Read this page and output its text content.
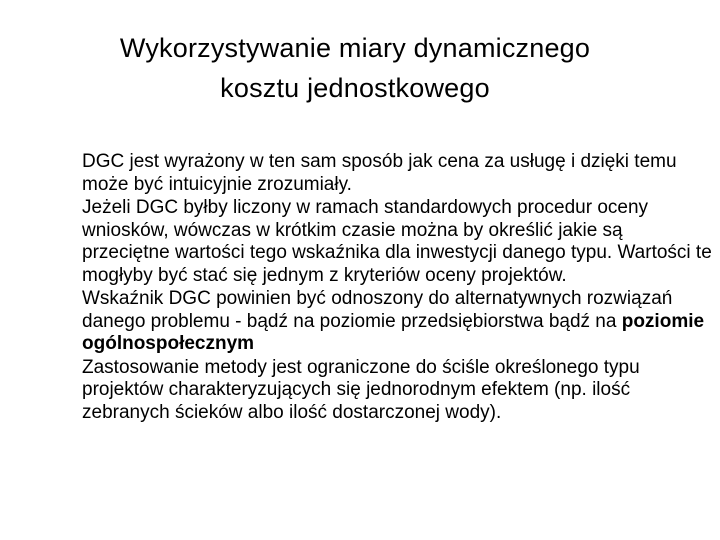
Wykorzystywanie miary dynamicznego
kosztu jednostkowego

DGC jest wyrażony w ten sam sposób jak cena za usługę i dzięki temu może być intuicyjnie zrozumiały.

Jeżeli DGC byłby liczony w ramach standardowych procedur oceny wniosków, wówczas w krótkim czasie można by określić jakie są przeciętne wartości tego wskaźnika dla inwestycji danego typu. Wartości te mogłyby być stać się jednym z kryteriów oceny projektów.

Wskaźnik DGC powinien być odnoszony do alternatywnych rozwiązań danego problemu - bądź na poziomie przedsiębiorstwa bądź na poziomie ogólnospołecznym

Zastosowanie metody jest ograniczone do ściśle określonego typu projektów charakteryzujących się jednorodnym efektem (np. ilość zebranych ścieków albo ilość dostarczonej wody).
